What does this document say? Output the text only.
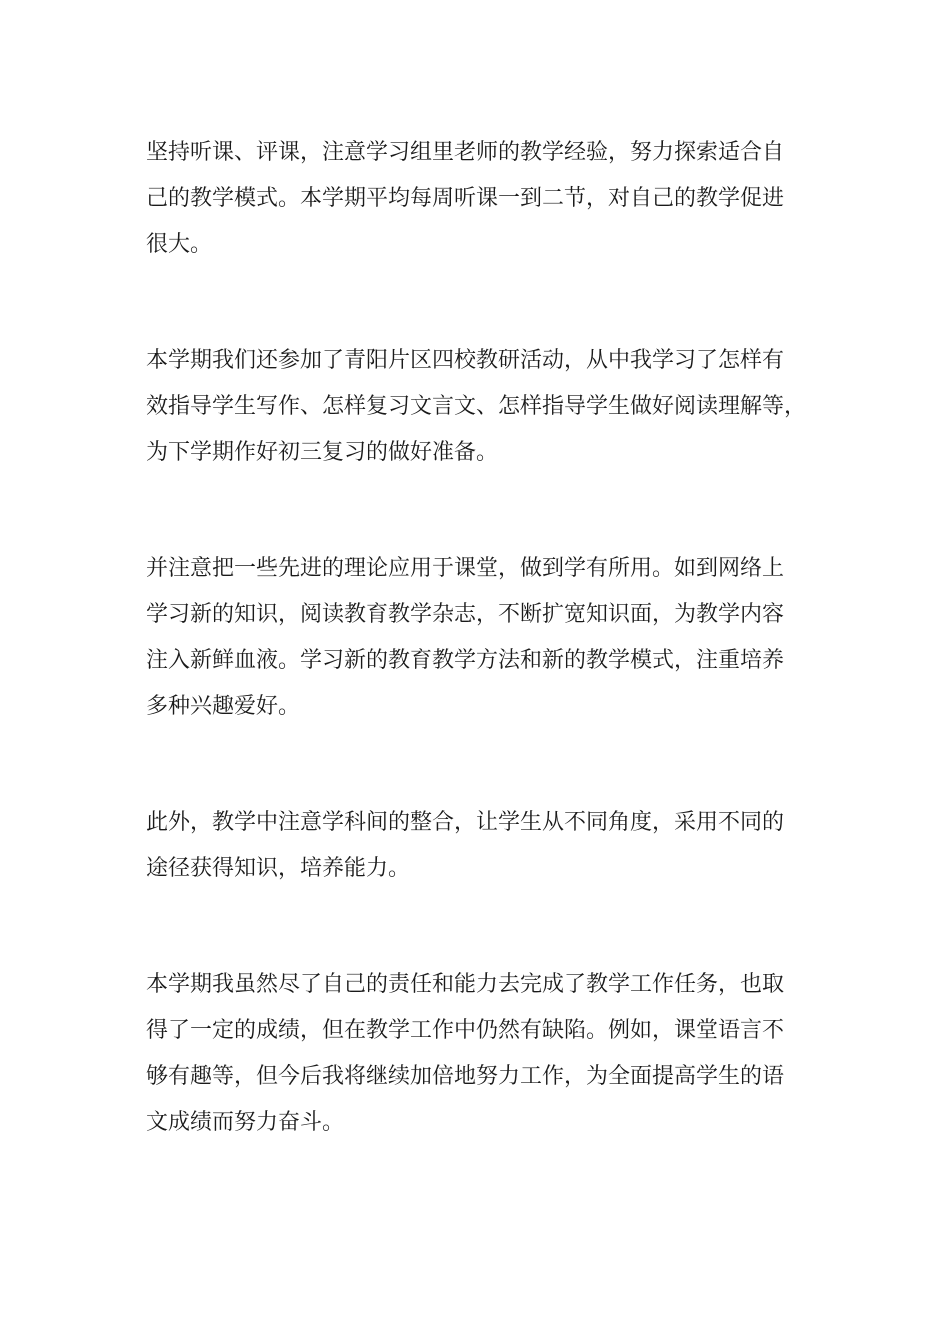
坚持听课、评课，注意学习组里老师的教学经验，努力探索适合自
己的教学模式。本学期平均每周听课一到二节，对自己的教学促进
很大。

本学期我们还参加了青阳片区四校教研活动，从中我学习了怎样有
效指导学生写作、怎样复习文言文、怎样指导学生做好阅读理解等，
为下学期作好初三复习的做好准备。

并注意把一些先进的理论应用于课堂，做到学有所用。如到网络上
学习新的知识，阅读教育教学杂志，不断扩宽知识面，为教学内容
注入新鲜血液。学习新的教育教学方法和新的教学模式，注重培养
多种兴趣爱好。

此外，教学中注意学科间的整合，让学生从不同角度，采用不同的
途径获得知识，培养能力。

本学期我虽然尽了自己的责任和能力去完成了教学工作任务，也取
得了一定的成绩，但在教学工作中仍然有缺陷。例如，课堂语言不
够有趣等，但今后我将继续加倍地努力工作，为全面提高学生的语
文成绩而努力奋斗。
